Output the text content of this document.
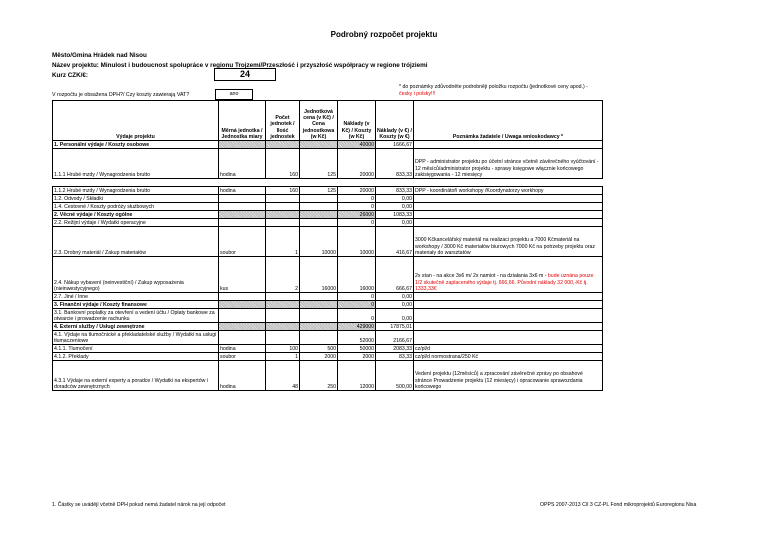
Podrobný rozpočet projektu
Město/Gmina Hrádek nad Nisou
Název projektu: Minulost i budoucnost spolupráce v regionu Trojzemí/Przeszłość i przyszłość współpracy w regione trójziemi
Kurz CZK/€:	24
V rozpočtu je obsažena DPH?/ Czy koszty zawierają VAT?	ano
* do poznámky zdůvodněte podrobněji položku rozpočtu (jednotkové ceny apod.) - česky i polsky!!!
Výdaje projektu	Měrná jednotka / Jednostka miary	Počet jednotek / Ilość jednostek	Jednotková cena (v Kč) / Cena jednostkowa (w Kč)	Náklady (v Kč) / Koszty (w Kč)	Náklady (v €) / Koszty (w €)	Poznámka žadatele / Uwaga wnioskodawcy *
1. Personální výdaje / Koszty osobowe				40000	1666,67	
1.1.1 Hrubé mzdy / Wynagrodzenia brutto	hodina	160	125	20000	833,33	DPP - administrator projektu po účetní stránce včetně závěrečného vyúčtování - 12 měsíců/administrator projektu - sprawy księgowe włącznie końcowego zakisięgowania - 12 miesięcy

1.1.2 Hrubé mzdy / Wynagrodzenia brutto	hodina	160	125	20000	833,33	DPP - koordinátoři workshopy /Koordynatorzy workhopy
1.2. Odvody / Składki				0	0,00	
1.4. Cestovné / Koszty podróży służbowych				0	0,00	
2. Věcné výdaje / Koszty ogólne				26000	1083,33	
2.2. Režijní výdaje / Wydatki operacyjne				0	0,00	
2.3. Drobný materiál / Zakup materiałów	soubor	1	10000	10000	416,67	3000 Kčkancelářský materiál na realizaci projektu a 7000 Kčmateriál na workshopy / 3000 Kč materiałów biurowych 7000 Kč na potrzeby projektu oraz materiały do warsztatów
2.4. Nákup vybavení (neinvestiční) / Zakup wyposażenia (nieinwestycyjnego)	kus	2	16000	16000	666,67	2x stan - na akce 3x6 m/ 2x namiot - na działania 3x6 m - bude uznána pouze 1/2 skutečně zaplaceného výdaje tj. 666,66. Původní náklady 32 000,-Kč tj. 1333,33€
2.7. Jiné / Inne				0	0,00	
3. Finanční výdaje / Koszty finansowe				0	0,00	
3.1. Bankovní poplatky za otevření a vedení účtu / Opłaty bankowe za otwarcie i prowadzenie rachunku				0	0,00	
4. Externí služby / Usługi zewnętrzne				429000	17875,01	
4.1. Výdaje na tlumočnické a překladatelské služby / Wydatki na usługi tłumaczeniowe				52000	2166,67	
4.1.1. Tlumočení	hodina	100	500	50000	2083,33	cz/pl/d
4.1.2. Překlady	soubor	1	2000	2000	83,33	cz/pl/d normostrana/250 Kč
4.3.1 Výdaje na externí experty a poradce / Wydatki na ekspertów i doradców zewnętrznych	hodina	48	250	12000	500,00	Vedení projektu (12měsíců) a zpracování závěrečné zprávy po obsahové stránce Prowadzenie projektu (12 miesięcy) i opracowanie sprawozdania końcowego
1. Částky se uvádějí včetně DPH pokud nemá žadatel nárok na její odpočet	OPPS 2007-2013 Cíl 3 CZ-PL Fond mikroprojektů Euroregionu Nisa
